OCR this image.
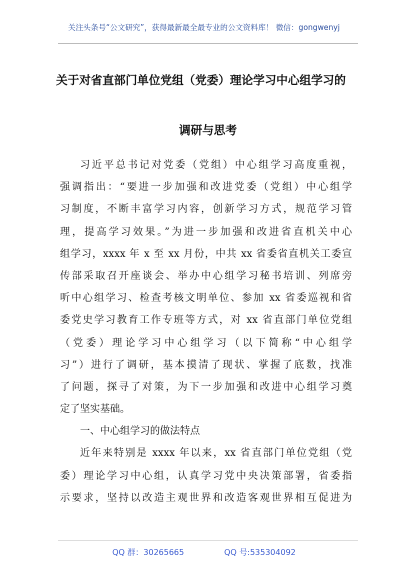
关注头条号“公文研究”，获得最新最全最专业的公文资料库！ 微信：gongwenyj
关于对省直部门单位党组（党委）理论学习中心组学习的
调研与思考
习近平总书记对党委（党组）中心组学习高度重视，
强调指出：“要进一步加强和改进党委（党组）中心组学
习制度，不断丰富学习内容，创新学习方式，规范学习管
理，提高学习效果。”为进一步加强和改进省直机关中心
组学习，xxxx 年 x 至 xx 月份，中共 xx 省委省直机关工委宣
传部采取召开座谈会、举办中心组学习秘书培训、列席旁
听中心组学习、检查考核文明单位、参加 xx 省委巡视和省
委党史学习教育工作专班等方式，对 xx 省直部门单位党组
（党委）理论学习中心组学习（以下简称“中心组学
习”）进行了调研，基本摸清了现状、掌握了底数，找准
了问题，探寻了对策，为下一步加强和改进中心组学习奠
定了坚实基础。
一、中心组学习的做法特点
近年来特别是 xxxx 年以来，xx 省直部门单位党组（党
委）理论学习中心组，认真学习党中央决策部署，省委指
示要求，坚持以改造主观世界和改造客观世界相互促进为
QQ 群：30265665	QQ 号:535304092
